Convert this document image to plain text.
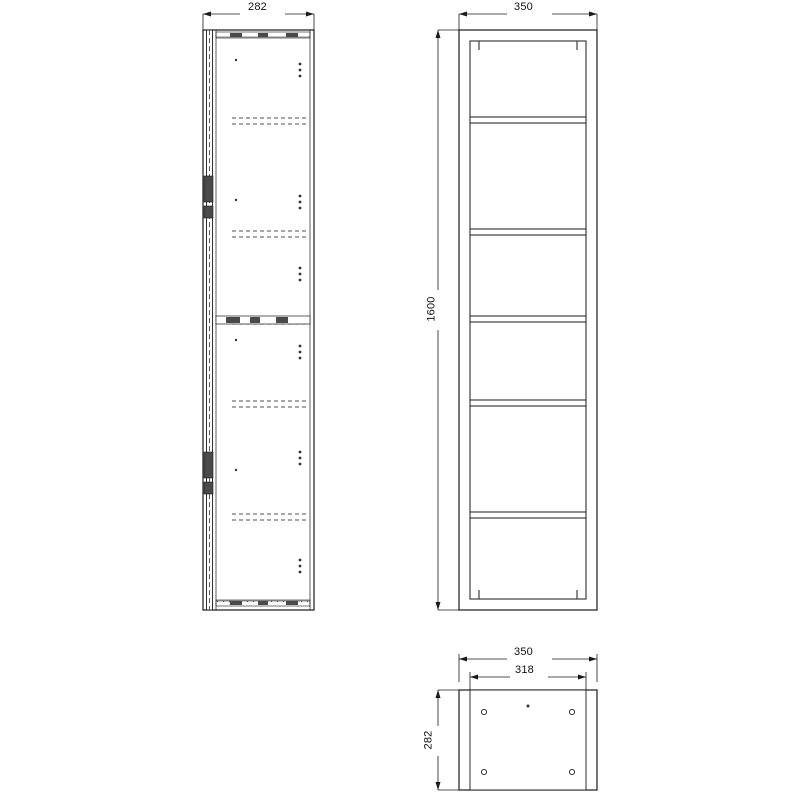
282	350
1600
350
318
282
